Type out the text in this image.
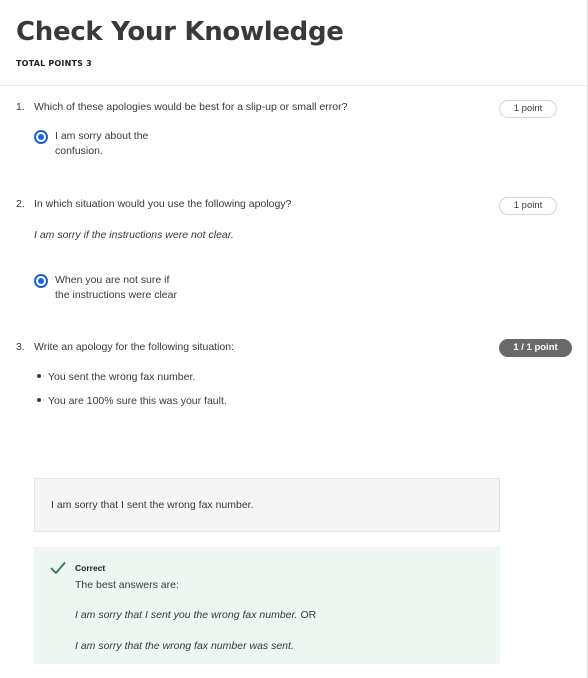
Check Your Knowledge
TOTAL POINTS 3
1. Which of these apologies would be best for a slip-up or small error?	1 point
I am sorry about the
confusion.
2. In which situation would you use the following apology?	1 point
I am sorry if the instructions were not clear.
When you are not sure if
the instructions were clear
3. Write an apology for the following situation:	1 / 1 point
You sent the wrong fax number.
You are 100% sure this was your fault.
I am sorry that I sent the wrong fax number.
Correct
The best answers are:
I am sorry that I sent you the wrong fax number. OR
I am sorry that the wrong fax number was sent.
